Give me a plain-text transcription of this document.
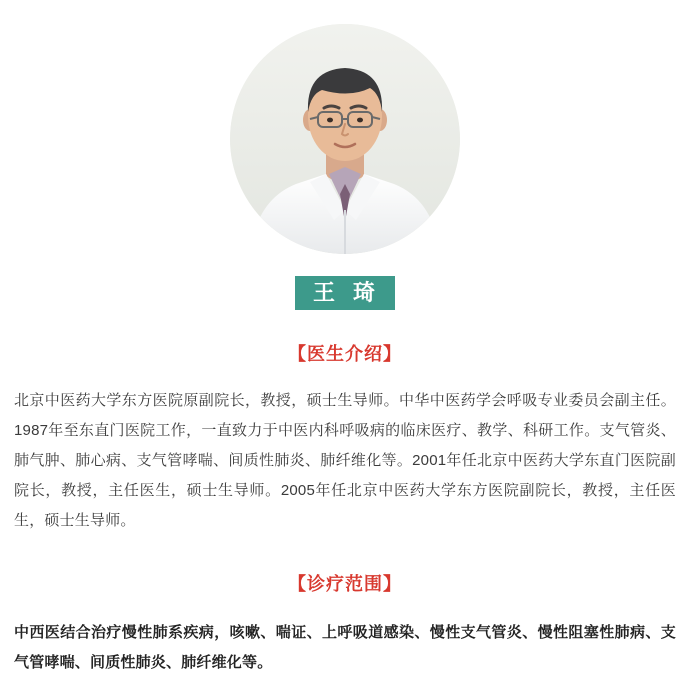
王 琦
【医生介绍】
北京中医药大学东方医院原副院长，教授，硕士生导师。中华中医药学会呼吸专业委员会副主任。1987年至东直门医院工作，一直致力于中医内科呼吸病的临床医疗、教学、科研工作。支气管炎、肺气肿、肺心病、支气管哮喘、间质性肺炎、肺纤维化等。2001年任北京中医药大学东直门医院副院长，教授，主任医生，硕士生导师。2005年任北京中医药大学东方医院副院长，教授，主任医生，硕士生导师。
【诊疗范围】
中西医结合治疗慢性肺系疾病，咳嗽、喘证、上呼吸道感染、慢性支气管炎、慢性阻塞性肺病、支气管哮喘、间质性肺炎、肺纤维化等。
